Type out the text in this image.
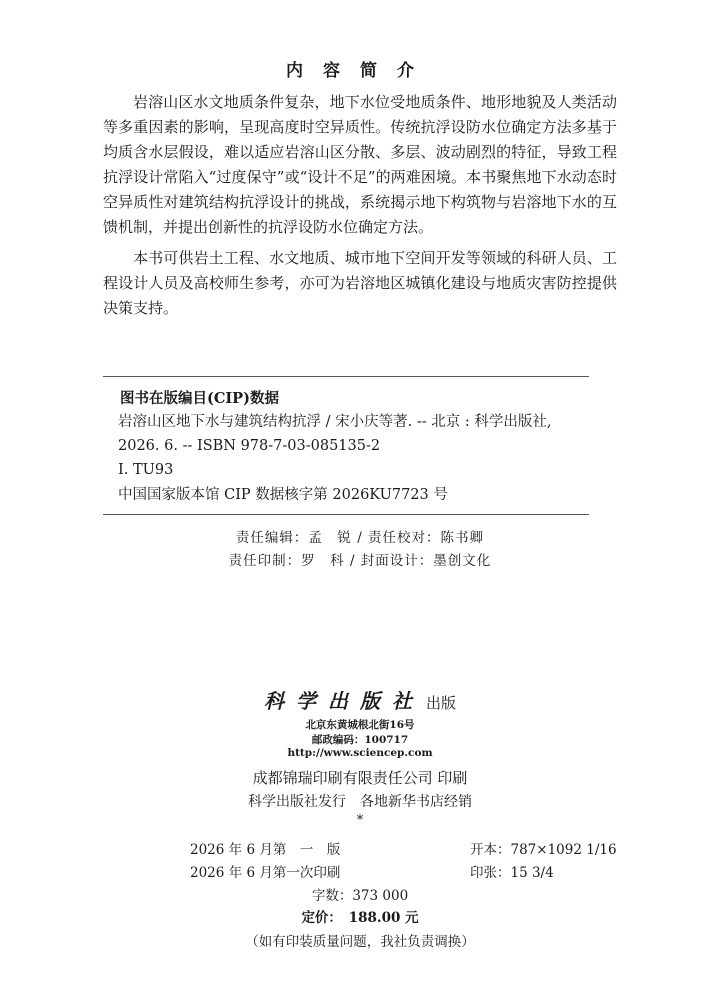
内容简介

岩溶山区水文地质条件复杂，地下水位受地质条件、地形地貌及人类活动等多重因素的影响，呈现高度时空异质性。传统抗浮设防水位确定方法多基于均质含水层假设，难以适应岩溶山区分散、多层、波动剧烈的特征，导致工程抗浮设计常陷入“过度保守”或“设计不足”的两难困境。本书聚焦地下水动态时空异质性对建筑结构抗浮设计的挑战，系统揭示地下构筑物与岩溶地下水的互馈机制，并提出创新性的抗浮设防水位确定方法。

本书可供岩土工程、水文地质、城市地下空间开发等领域的科研人员、工程设计人员及高校师生参考，亦可为岩溶地区城镇化建设与地质灾害防控提供决策支持。

图书在版编目(CIP)数据
岩溶山区地下水与建筑结构抗浮 / 宋小庆等著. -- 北京 : 科学出版社,
2026. 6. -- ISBN 978-7-03-085135-2
Ⅰ. TU93
中国国家版本馆 CIP 数据核字第 2026KU7723 号
责任编辑：孟　锐 / 责任校对：陈书卿
责任印制：罗　科 / 封面设计：墨创文化
科学出版社 出版
北京东黄城根北街16号
邮政编码：100717
http://www.sciencep.com
成都锦瑞印刷有限责任公司 印刷
科学出版社发行　各地新华书店经销
*
2026 年 6 月第　一　版	开本：787×1092 1/16
2026 年 6 月第一次印刷	印张：15 3/4
字数：373 000
定价：　188.00 元
（如有印装质量问题，我社负责调换）
